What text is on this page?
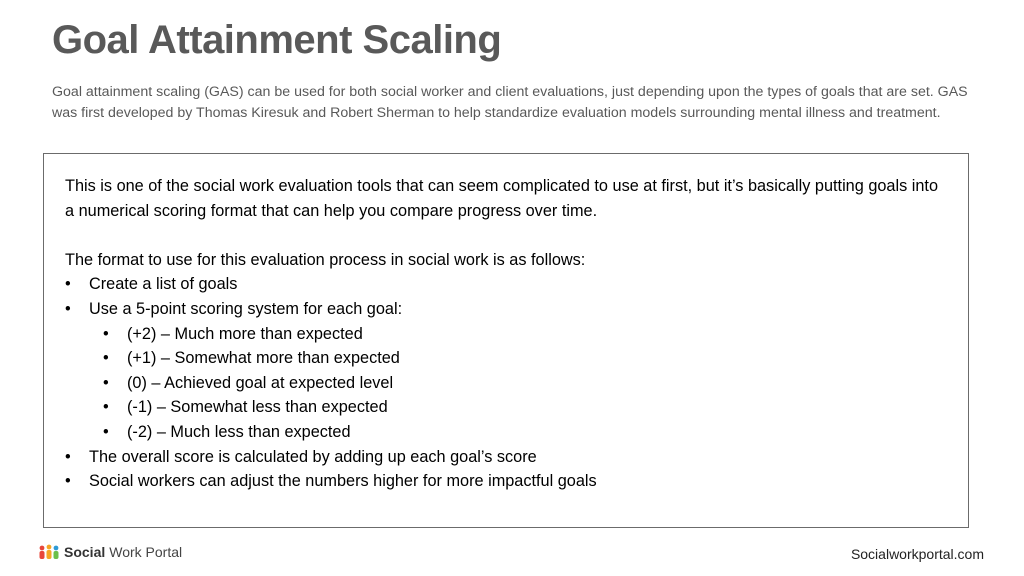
Goal Attainment Scaling
Goal attainment scaling (GAS) can be used for both social worker and client evaluations, just depending upon the types of goals that are set. GAS was first developed by Thomas Kiresuk and Robert Sherman to help standardize evaluation models surrounding mental illness and treatment.

This is one of the social work evaluation tools that can seem complicated to use at first, but it’s basically putting goals into a numerical scoring format that can help you compare progress over time.

The format to use for this evaluation process in social work is as follows:

•	Create a list of goals
•	Use a 5-point scoring system for each goal:
•	(+2) – Much more than expected
•	(+1) – Somewhat more than expected
•	(0) – Achieved goal at expected level
•	(-1) – Somewhat less than expected
•	(-2) – Much less than expected
•	The overall score is calculated by adding up each goal’s score
•	Social workers can adjust the numbers higher for more impactful goals
Social Work Portal	Socialworkportal.com
